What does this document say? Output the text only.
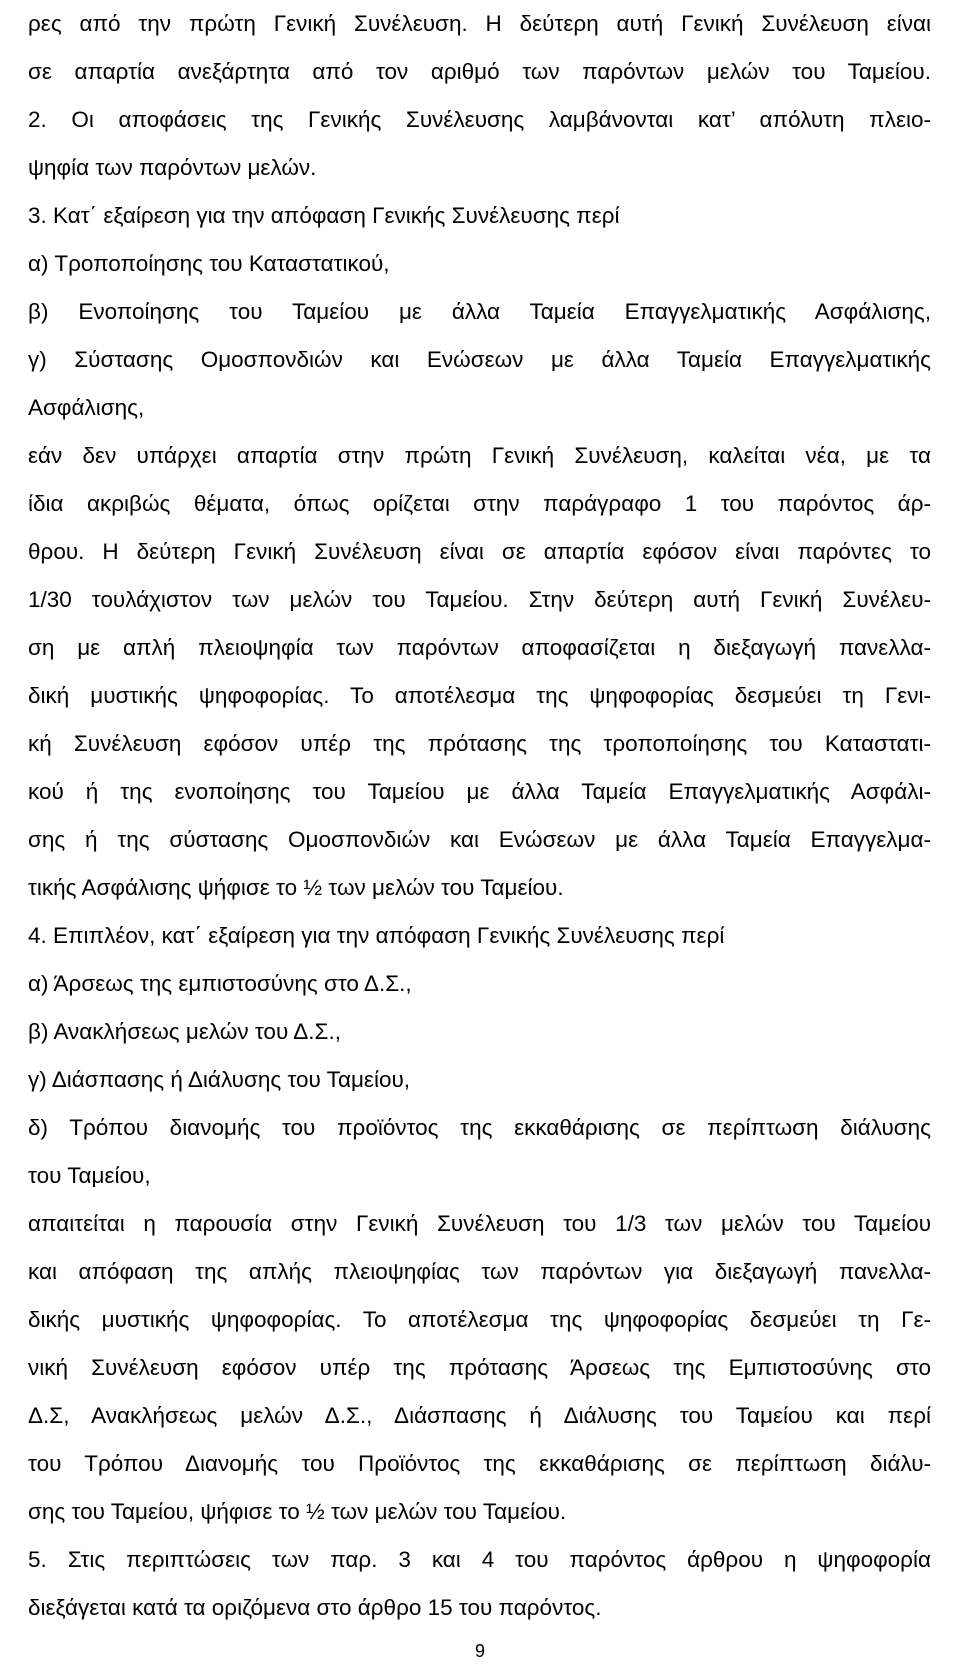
ρες από την πρώτη Γενική Συνέλευση. Η δεύτερη αυτή Γενική Συνέλευση είναι
σε απαρτία ανεξάρτητα από τον αριθμό των παρόντων μελών του Ταμείου.
2. Οι αποφάσεις της Γενικής Συνέλευσης λαμβάνονται κατ’ απόλυτη πλειο-
ψηφία των παρόντων μελών.
3. Κατ΄ εξαίρεση για την απόφαση Γενικής Συνέλευσης περί
α) Τροποποίησης του Καταστατικού,
β) Ενοποίησης του Ταμείου με άλλα Ταμεία Επαγγελματικής Ασφάλισης,
γ) Σύστασης Ομοσπονδιών και Ενώσεων με άλλα Ταμεία Επαγγελματικής
Ασφάλισης,
εάν δεν υπάρχει απαρτία στην πρώτη Γενική Συνέλευση, καλείται νέα, με τα
ίδια ακριβώς θέματα, όπως ορίζεται στην παράγραφο 1 του παρόντος άρ-
θρου. Η δεύτερη Γενική Συνέλευση είναι σε απαρτία εφόσον είναι παρόντες το
1/30 τουλάχιστον των μελών του Ταμείου. Στην δεύτερη αυτή Γενική Συνέλευ-
ση με απλή πλειοψηφία των παρόντων αποφασίζεται η διεξαγωγή πανελλα-
δική μυστικής ψηφοφορίας. Το αποτέλεσμα της ψηφοφορίας δεσμεύει τη Γενι-
κή Συνέλευση εφόσον υπέρ της πρότασης της τροποποίησης του Καταστατι-
κού ή της ενοποίησης του Ταμείου με άλλα Ταμεία Επαγγελματικής Ασφάλι-
σης ή της σύστασης Ομοσπονδιών και Ενώσεων με άλλα Ταμεία Επαγγελμα-
τικής Ασφάλισης ψήφισε το ½ των μελών του Ταμείου.
4. Επιπλέον, κατ΄ εξαίρεση για την απόφαση Γενικής Συνέλευσης περί
α) Άρσεως της εμπιστοσύνης στο Δ.Σ.,
β) Ανακλήσεως μελών του Δ.Σ.,
γ) Διάσπασης ή Διάλυσης του Ταμείου,
δ) Τρόπου διανομής του προϊόντος της εκκαθάρισης σε περίπτωση διάλυσης
του Ταμείου,
απαιτείται η παρουσία στην Γενική Συνέλευση του 1/3 των μελών του Ταμείου
και απόφαση της απλής πλειοψηφίας των παρόντων για διεξαγωγή πανελλα-
δικής μυστικής ψηφοφορίας. Το αποτέλεσμα της ψηφοφορίας δεσμεύει τη Γε-
νική Συνέλευση εφόσον υπέρ της πρότασης Άρσεως της Εμπιστοσύνης στο
Δ.Σ, Ανακλήσεως μελών Δ.Σ., Διάσπασης ή Διάλυσης του Ταμείου και περί
του Τρόπου Διανομής του Προϊόντος της εκκαθάρισης σε περίπτωση διάλυ-
σης του Ταμείου, ψήφισε το ½ των μελών του Ταμείου.
5. Στις περιπτώσεις των παρ. 3 και 4 του παρόντος άρθρου η ψηφοφορία
διεξάγεται κατά τα οριζόμενα στο άρθρο 15 του παρόντος.
9
